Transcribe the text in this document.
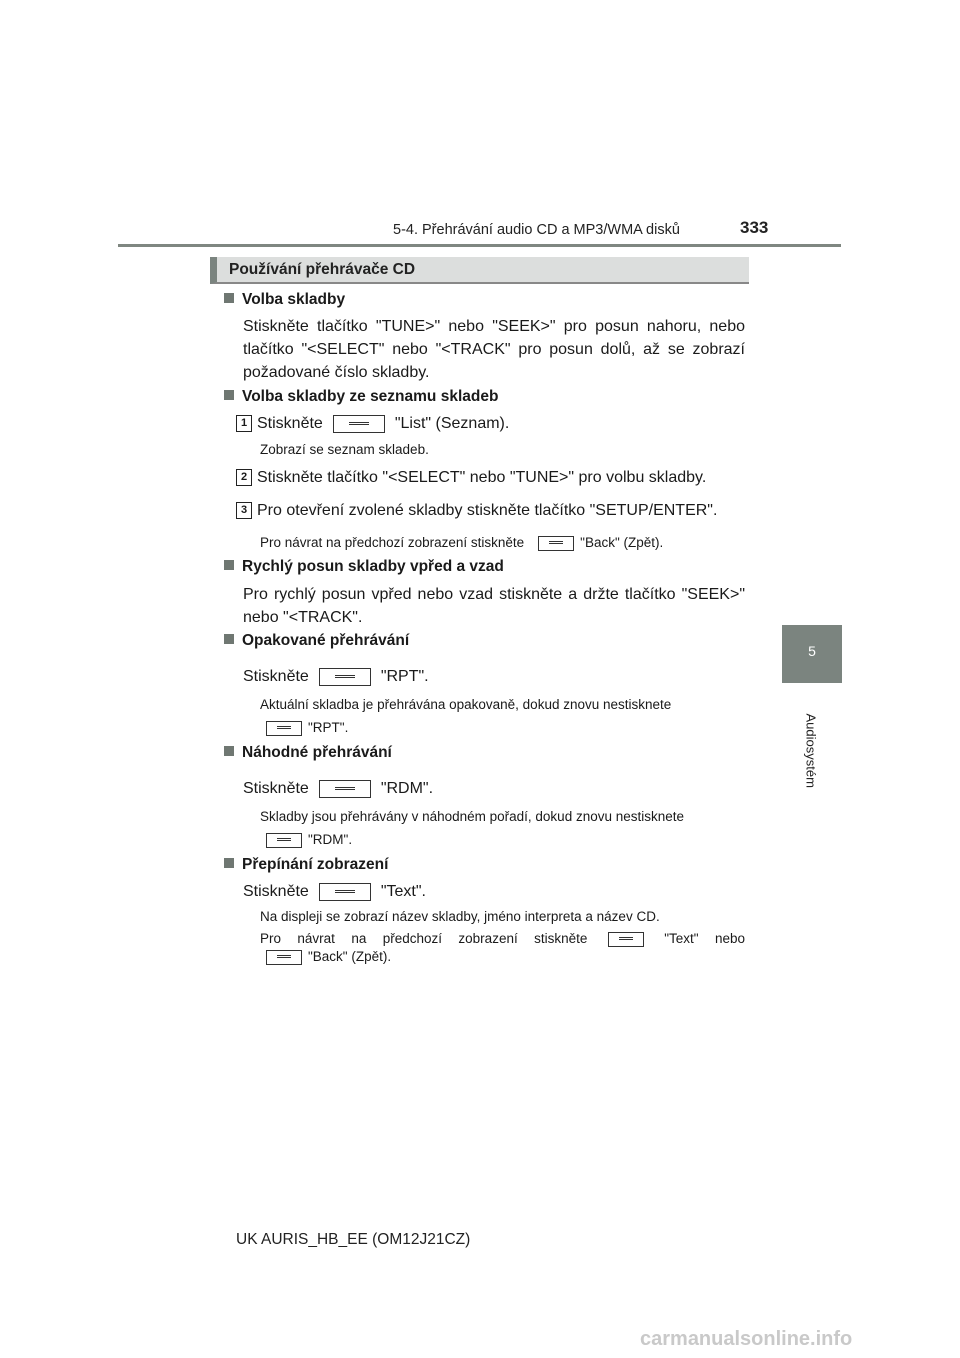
5-4. Přehrávání audio CD a MP3/WMA disků	333
5
Audiosystém
Používání přehrávače CD
Volba skladby
Stiskněte tlačítko "TUNE>" nebo "SEEK>" pro posun nahoru, nebo tlačítko "<SELECT" nebo "<TRACK" pro posun dolů, až se zobrazí požadované číslo skladby.
Volba skladby ze seznamu skladeb
1 Stiskněte	"List" (Seznam).
Zobrazí se seznam skladeb.
2 Stiskněte tlačítko "<SELECT" nebo "TUNE>" pro volbu skladby.
3 Pro otevření zvolené skladby stiskněte tlačítko "SETUP/ENTER".
Pro návrat na předchozí zobrazení stiskněte	"Back" (Zpět).
Rychlý posun skladby vpřed a vzad
Pro rychlý posun vpřed nebo vzad stiskněte a držte tlačítko "SEEK>" nebo "<TRACK".
Opakované přehrávání
Stiskněte	"RPT".
Aktuální skladba je přehrávána opakovaně, dokud znovu nestisknete
"RPT".
Náhodné přehrávání
Stiskněte	"RDM".
Skladby jsou přehrávány v náhodném pořadí, dokud znovu nestisknete
"RDM".
Přepínání zobrazení
Stiskněte	"Text".
Na displeji se zobrazí název skladby, jméno interpreta a název CD.
Pro návrat na předchozí zobrazení stiskněte	"Text" nebo
"Back" (Zpět).
UK AURIS_HB_EE (OM12J21CZ)
carmanualsonline.info
